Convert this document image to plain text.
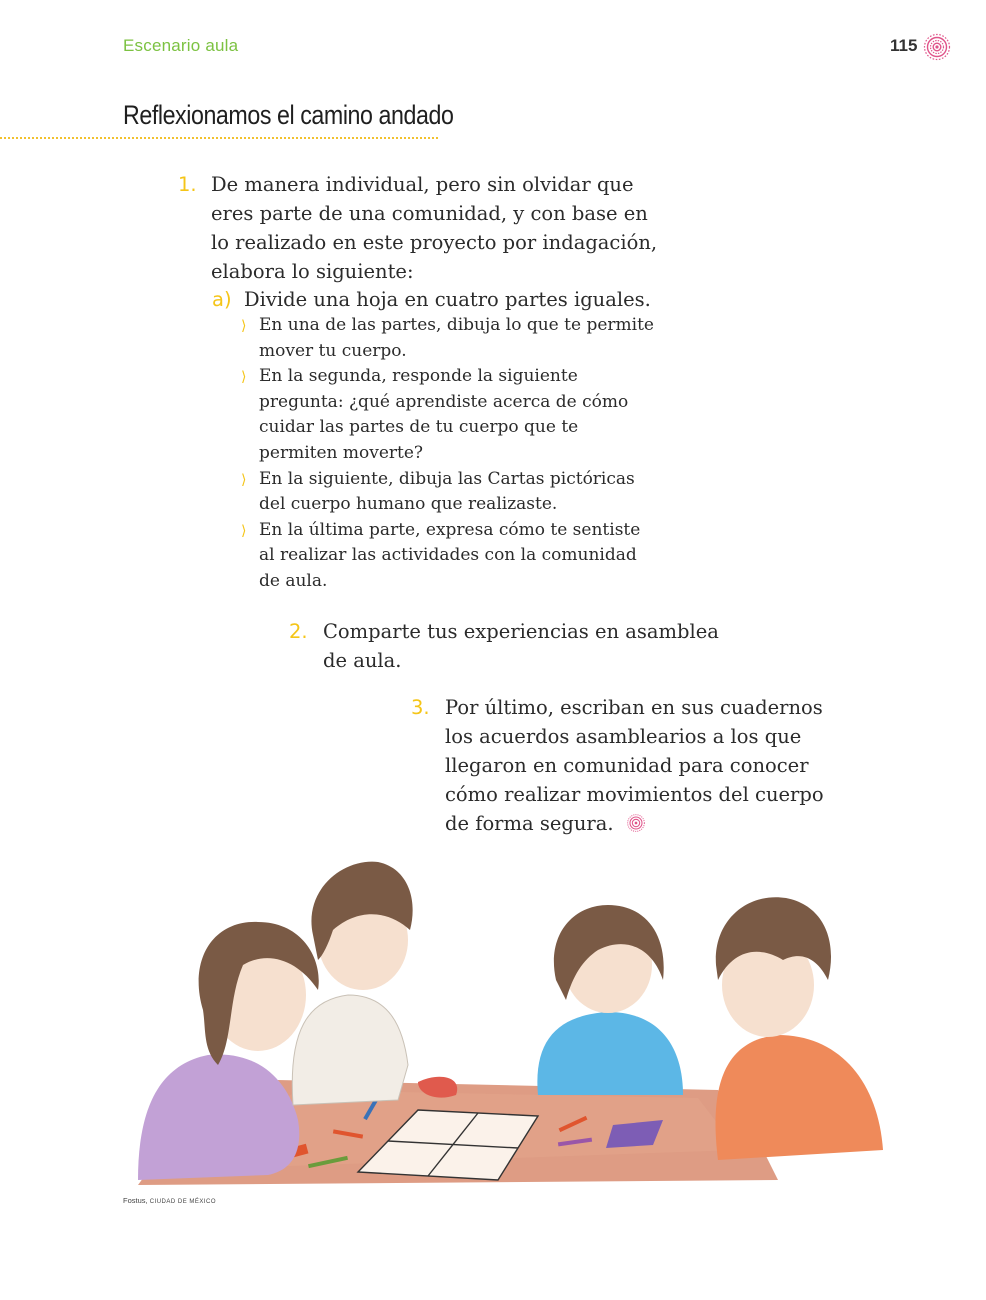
Escenario aula	115
Reflexionamos el camino andado
1. De manera individual, pero sin olvidar que
eres parte de una comunidad, y con base en
lo realizado en este proyecto por indagación,
elabora lo siguiente:
a) Divide una hoja en cuatro partes iguales.
⟩ En una de las partes, dibuja lo que te permite
mover tu cuerpo.
⟩ En la segunda, responde la siguiente
pregunta: ¿qué aprendiste acerca de cómo
cuidar las partes de tu cuerpo que te
permiten moverte?
⟩ En la siguiente, dibuja las Cartas pictóricas
del cuerpo humano que realizaste.
⟩ En la última parte, expresa cómo te sentiste
al realizar las actividades con la comunidad
de aula.
2. Comparte tus experiencias en asamblea
de aula.
3. Por último, escriban en sus cuadernos
los acuerdos asamblearios a los que
llegaron en comunidad para conocer
cómo realizar movimientos del cuerpo
de forma segura.
Fostus, CIUDAD DE MÉXICO
